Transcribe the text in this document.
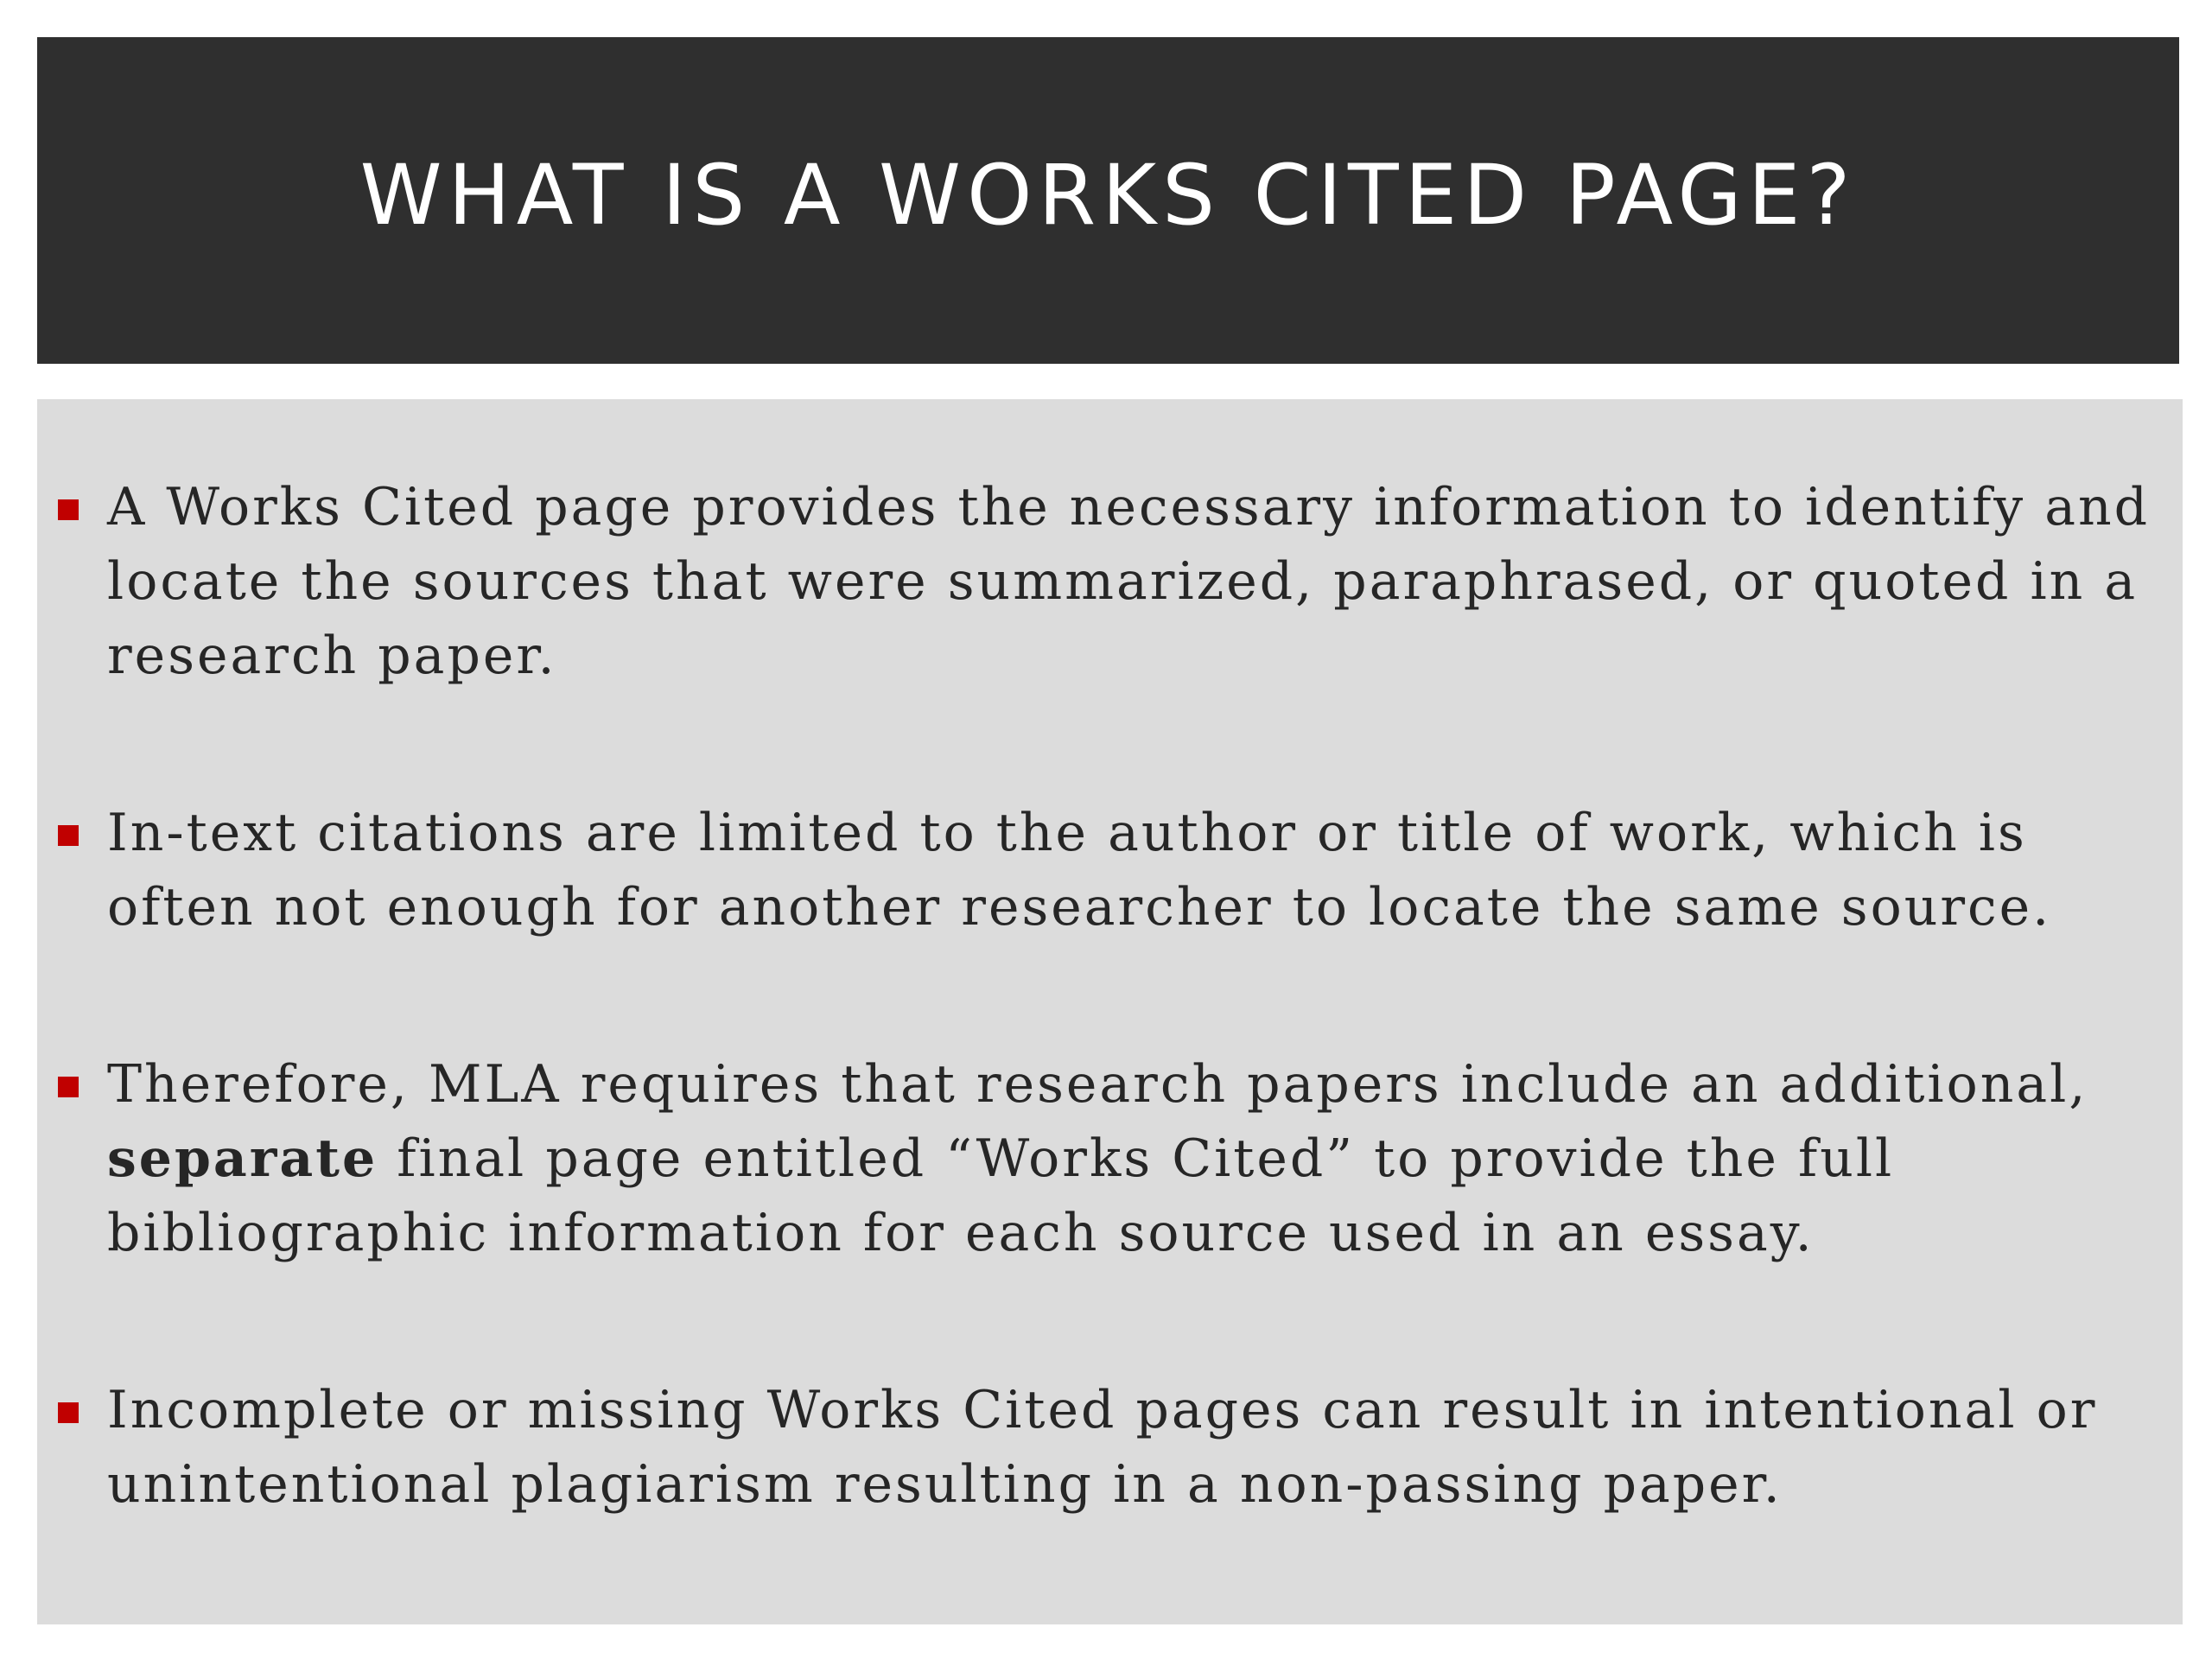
WHAT IS A WORKS CITED PAGE?

A Works Cited page provides the necessary information to identify and locate the sources that were summarized, paraphrased, or quoted in a research paper.

In-text citations are limited to the author or title of work, which is often not enough for another researcher to locate the same source.

Therefore, MLA requires that research papers include an additional, separate final page entitled “Works Cited” to provide the full bibliographic information for each source used in an essay.

Incomplete or missing Works Cited pages can result in intentional or unintentional plagiarism resulting in a non-passing paper.
